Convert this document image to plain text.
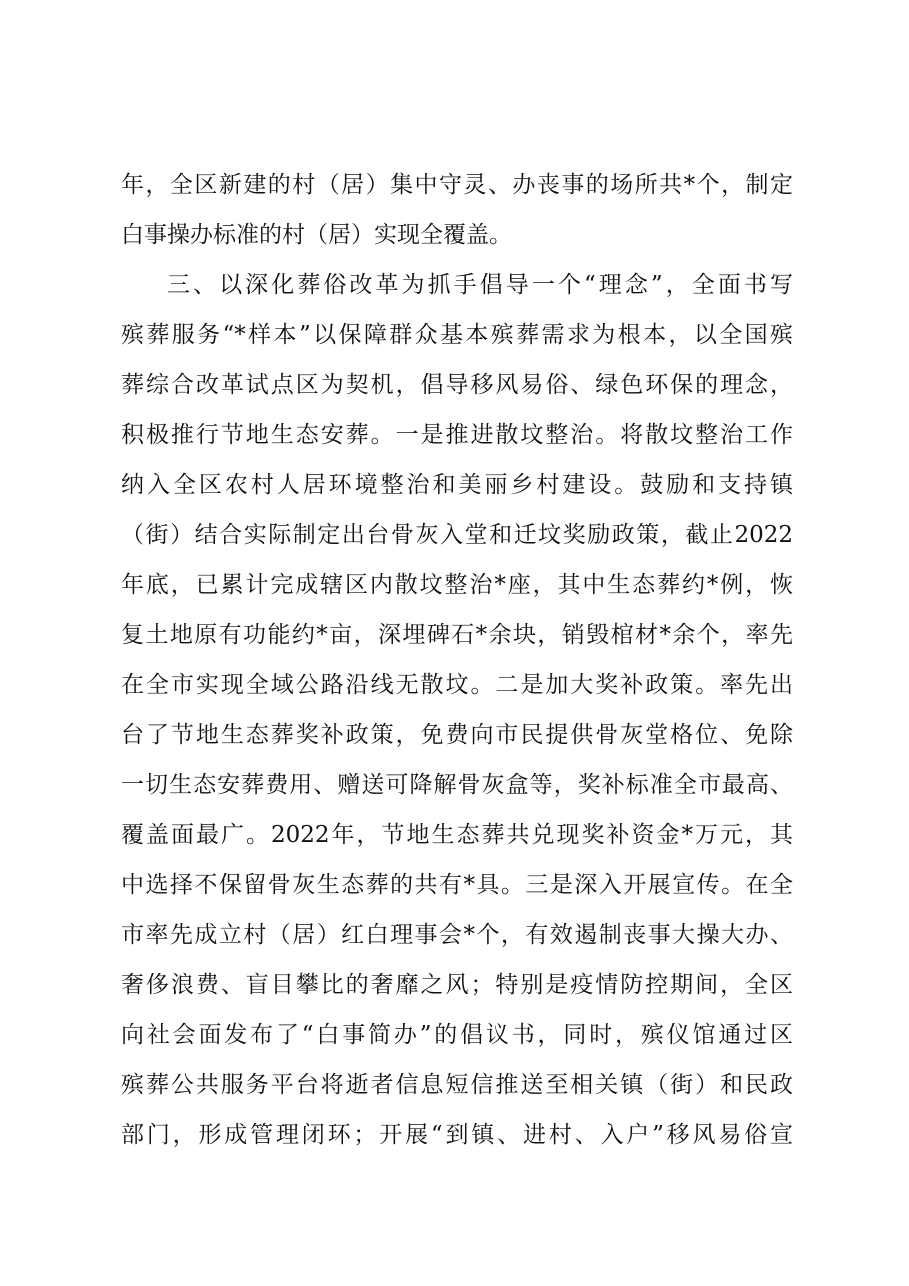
年，全区新建的村（居）集中守灵、办丧事的场所共*个，制定
白事操办标准的村（居）实现全覆盖。
三、以深化葬俗改革为抓手倡导一个“理念”，全面书写
殡葬服务“*样本”以保障群众基本殡葬需求为根本，以全国殡
葬综合改革试点区为契机，倡导移风易俗、绿色环保的理念，
积极推行节地生态安葬。一是推进散坟整治。将散坟整治工作
纳入全区农村人居环境整治和美丽乡村建设。鼓励和支持镇
（街）结合实际制定出台骨灰入堂和迁坟奖励政策，截止2022
年底，已累计完成辖区内散坟整治*座，其中生态葬约*例，恢
复土地原有功能约*亩，深埋碑石*余块，销毁棺材*余个，率先
在全市实现全域公路沿线无散坟。二是加大奖补政策。率先出
台了节地生态葬奖补政策，免费向市民提供骨灰堂格位、免除
一切生态安葬费用、赠送可降解骨灰盒等，奖补标准全市最高、
覆盖面最广。2022年，节地生态葬共兑现奖补资金*万元，其
中选择不保留骨灰生态葬的共有*具。三是深入开展宣传。在全
市率先成立村（居）红白理事会*个，有效遏制丧事大操大办、
奢侈浪费、盲目攀比的奢靡之风；特别是疫情防控期间，全区
向社会面发布了“白事简办”的倡议书，同时，殡仪馆通过区
殡葬公共服务平台将逝者信息短信推送至相关镇（街）和民政
部门，形成管理闭环；开展“到镇、进村、入户”移风易俗宣
